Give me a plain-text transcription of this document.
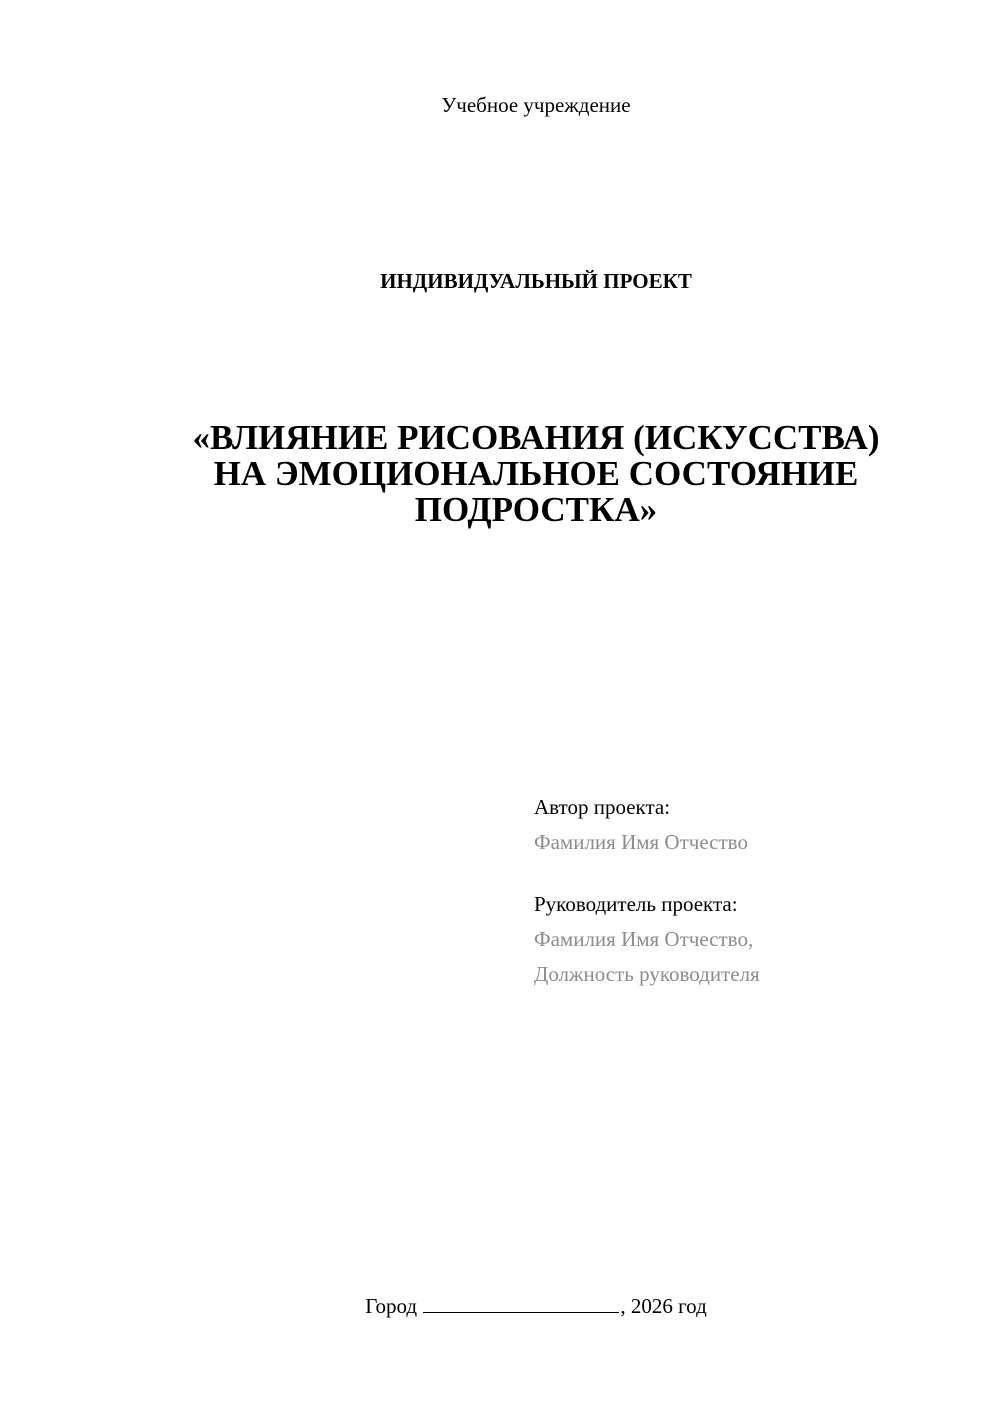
Учебное учреждение
ИНДИВИДУАЛЬНЫЙ ПРОЕКТ
«ВЛИЯНИЕ РИСОВАНИЯ (ИСКУССТВА)
НА ЭМОЦИОНАЛЬНОЕ СОСТОЯНИЕ
ПОДРОСТКА»
Автор проекта:
Фамилия Имя Отчество
Руководитель проекта:
Фамилия Имя Отчество,
Должность руководителя
Город	, 2026 год
